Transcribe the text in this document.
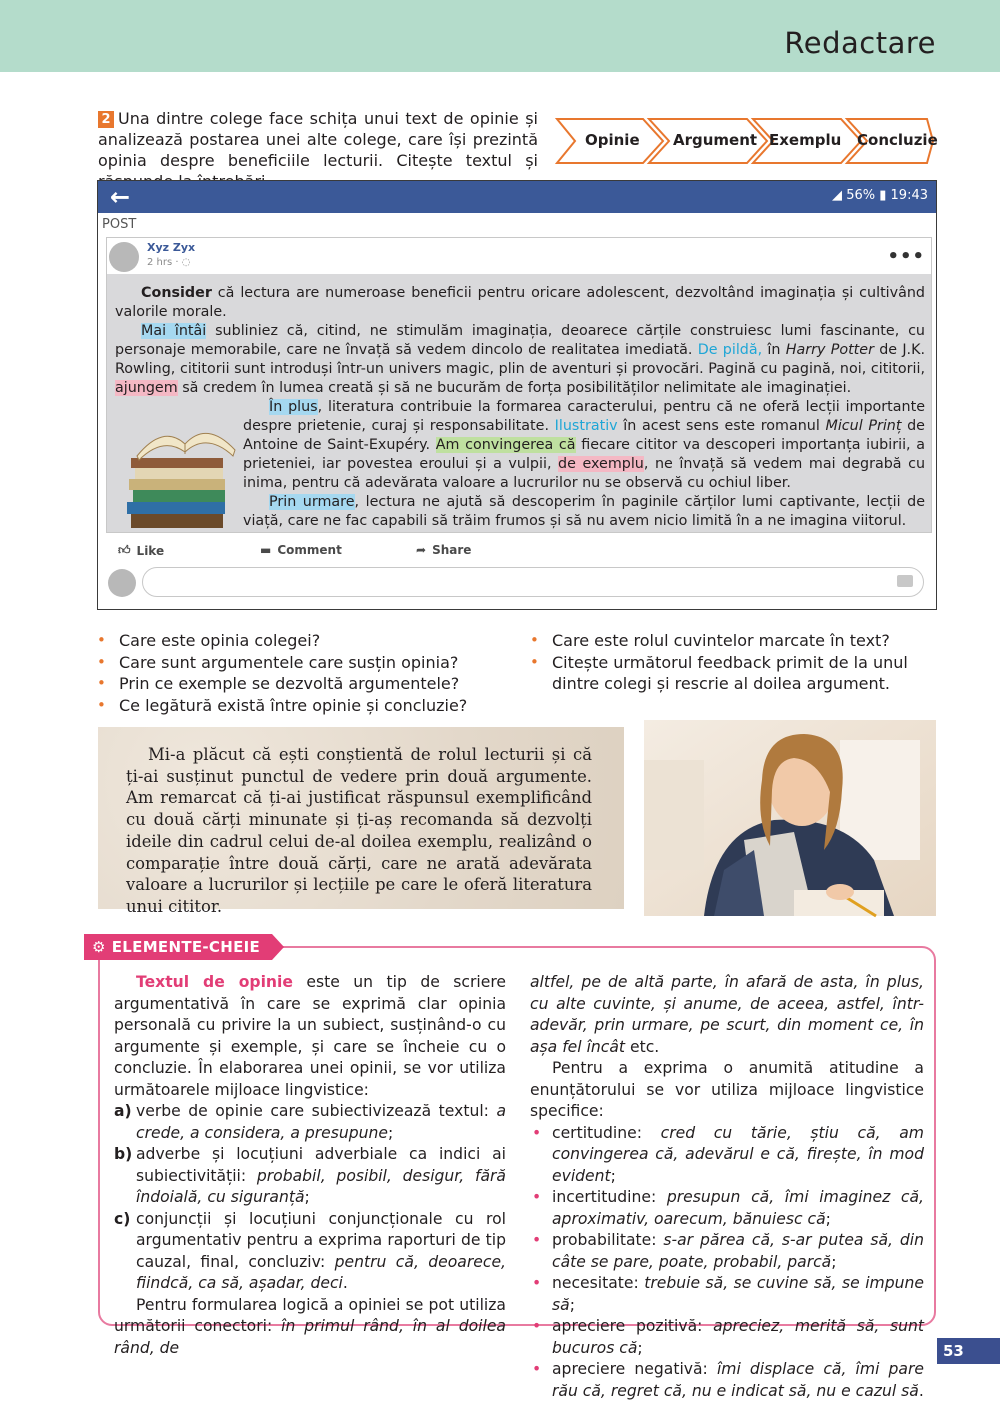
Redactare
2 Una dintre colege face schița unui text de opinie și analizează postarea unei alte colege, care își prezintă opinia despre beneficiile lecturii. Citește textul și
Opinie Argument Exemplu Concluzie
←	◢ 56% ▮ 19:43
POST
Xyz Zyx
2 hrs · ◌	•••

Consider că lectura are numeroase beneficii pentru oricare adolescent, dezvoltând imaginația și cultivând valorile morale.

Mai întâi subliniez că, citind, ne stimulăm imaginația, deoarece cărțile construiesc lumi fascinante, cu personaje memorabile, care ne învață să vedem dincolo de realitatea imediată. De pildă, în Harry Potter de J.K. Rowling, cititorii sunt introduși într-un univers magic, plin de aventuri și provocări. Pagină cu pagină, noi, cititorii, ajungem să credem în lumea creată și să ne bucurăm de forța posibilităților nelimitate ale imaginației.

În plus, literatura contribuie la formarea caracterului, pentru că ne oferă lecții importante despre prietenie, curaj și responsabilitate. Ilustrativ în acest sens este romanul Micul Prinț de Antoine de Saint-Exupéry. Am convingerea că fiecare cititor va descoperi importanța iubirii, a prieteniei, iar povestea eroului și a vulpii, de exemplu, ne învață să vedem mai degrabă cu inima, pentru că adevărata valoare a lucrurilor nu se observă cu ochiul liber.

Prin urmare, lectura ne ajută să descoperim în paginile cărților lumi captivante, lecții de viață, care ne fac capabili să trăim frumos și să nu avem nicio limită în a ne imagina viitorul.

👍︎ Like	▬ Comment	➦ Share
• Care este opinia colegei?
• Care sunt argumentele care susțin opinia?
• Prin ce exemple se dezvoltă argumentele?
• Ce legătură există între opinie și concluzie?
• Care este rolul cuvintelor marcate în text?
• Citește următorul feedback primit de la unul dintre colegi și rescrie al doilea argument.
Mi-a plăcut că ești conștientă de rolul lecturii și că ți-ai susținut punctul de vedere prin două argumente. Am remarcat că ți-ai justificat răspunsul exemplificând cu două cărți minunate și ți-aș recomanda să dezvolți ideile din cadrul celui de-al doilea exemplu, realizând o comparație între două cărți, care ne arată adevărata valoare a lucrurilor și lecțiile pe care le oferă literatura unui cititor.
⚙ ELEMENTE-CHEIE

Textul de opinie este un tip de scriere argumentativă în care se exprimă clar opinia personală cu privire la un subiect, susținând-o cu argumente și exemple, și care se încheie cu o concluzie. În elaborarea unei opinii, se vor utiliza următoarele mijloace lingvistice:

a) verbe de opinie care subiectivizează textul: a crede, a considera, a presupune;
b) adverbe și locuțiuni adverbiale ca indici ai subiectivității: probabil, posibil, desigur, fără îndoială, cu siguranță;
c) conjuncții și locuțiuni conjuncționale cu rol argumentativ pentru a exprima raporturi de tip cauzal, final, concluziv: pentru că, deoarece, fiindcă, ca să, așadar, deci.

Pentru formularea logică a opiniei se pot utiliza următorii conectori: în primul rând, în al doilea rând, de

altfel, pe de altă parte, în afară de asta, în plus, cu alte cuvinte, și anume, de aceea, astfel, într-adevăr, prin urmare, pe scurt, din moment ce, în așa fel încât etc.

Pentru a exprima o anumită atitudine a enunțătorului se vor utiliza mijloace lingvistice specifice:

• certitudine: cred cu tărie, știu că, am convingerea că, adevărul e că, firește, în mod evident;
• incertitudine: presupun că, îmi imaginez că, aproximativ, oarecum, bănuiesc că;
• probabilitate: s-ar părea că, s-ar putea să, din câte se pare, poate, probabil, parcă;
• necesitate: trebuie să, se cuvine să, se impune să;
• apreciere pozitivă: apreciez, merită să, sunt bucuros că;
• apreciere negativă: îmi displace că, îmi pare rău că, regret că, nu e indicat să, nu e cazul să.
53
